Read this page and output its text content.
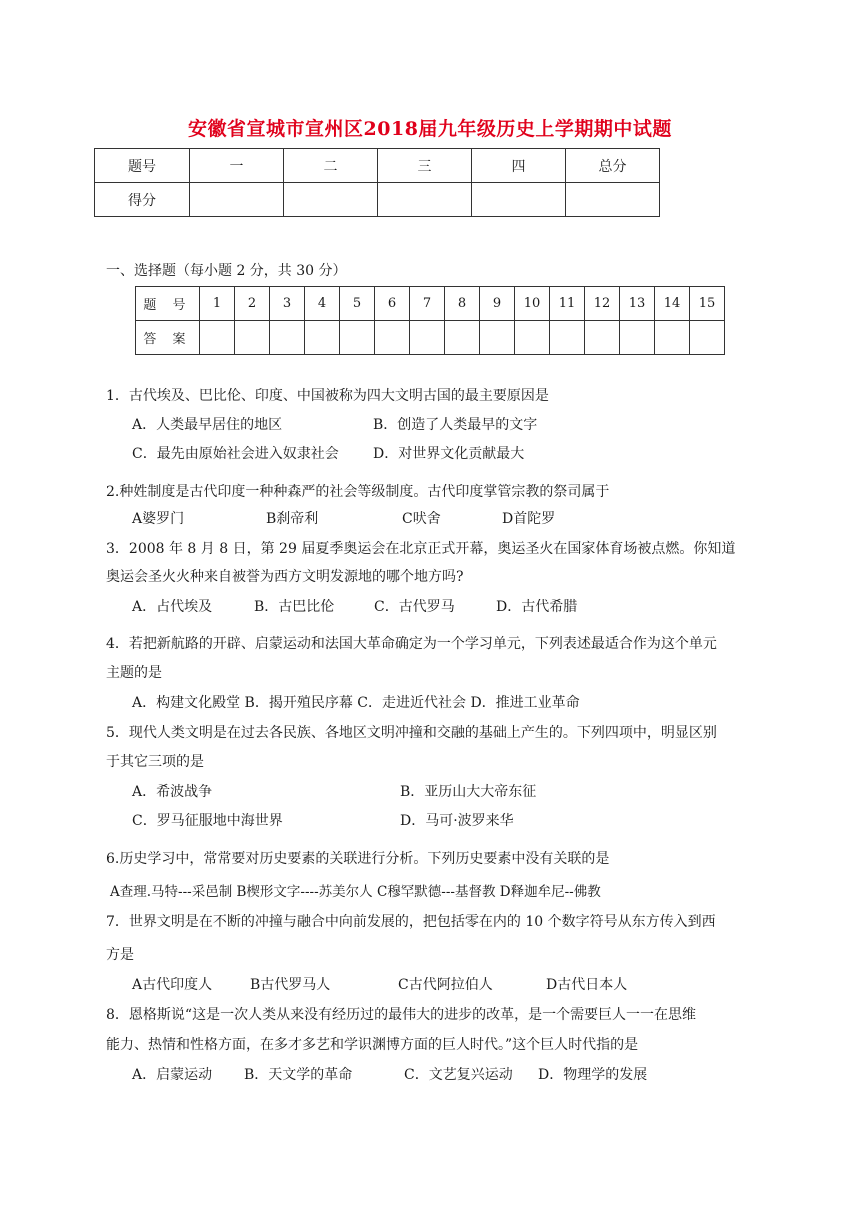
安徽省宣城市宣州区2018届九年级历史上学期期中试题
题号	一	二	三	四	总分
得分					
一、选择题（每小题 2 分，共 30 分）
题 号	1	2	3	4	5	6	7	8	9	10	11	12	13	14	15
答 案															
1．古代埃及、巴比伦、印度、中国被称为四大文明古国的最主要原因是
A．人类最早居住的地区	B．创造了人类最早的文字
C．最先由原始社会进入奴隶社会 D．对世界文化贡献最大
2.种姓制度是古代印度一种种森严的社会等级制度。古代印度掌管宗教的祭司属于
A婆罗门	B刹帝利	C吠舍	D首陀罗
3．2008 年 8 月 8 日，第 29 届夏季奥运会在北京正式开幕，奥运圣火在国家体育场被点燃。你知道
奥运会圣火火种来自被誉为西方文明发源地的哪个地方吗?
A．占代埃及	B．古巴比伦	C．古代罗马	D．古代希腊
4．若把新航路的开辟、启蒙运动和法国大革命确定为一个学习单元，下列表述最适合作为这个单元
主题的是
A．构建文化殿堂 B．揭开殖民序幕 C．走进近代社会 D．推进工业革命
5．现代人类文明是在过去各民族、各地区文明冲撞和交融的基础上产生的。下列四项中，明显区别
于其它三项的是
A．希波战争	B．亚历山大大帝东征
C．罗马征服地中海世界	D．马可·波罗来华
6.历史学习中，常常要对历史要素的关联进行分析。下列历史要素中没有关联的是
A查理.马特---采邑制 B楔形文字----苏美尔人 C穆罕默德---基督教 D释迦牟尼--佛教
7．世界文明是在不断的冲撞与融合中向前发展的，把包括零在内的 10 个数字符号从东方传入到西
方是
A古代印度人	B古代罗马人	C古代阿拉伯人	D古代日本人
8．恩格斯说“这是一次人类从来没有经历过的最伟大的进步的改革，是一个需要巨人一一在思维
能力、热情和性格方面，在多才多艺和学识渊博方面的巨人时代。”这个巨人时代指的是
A．启蒙运动 B．天文学的革命	C．文艺复兴运动 D．物理学的发展
